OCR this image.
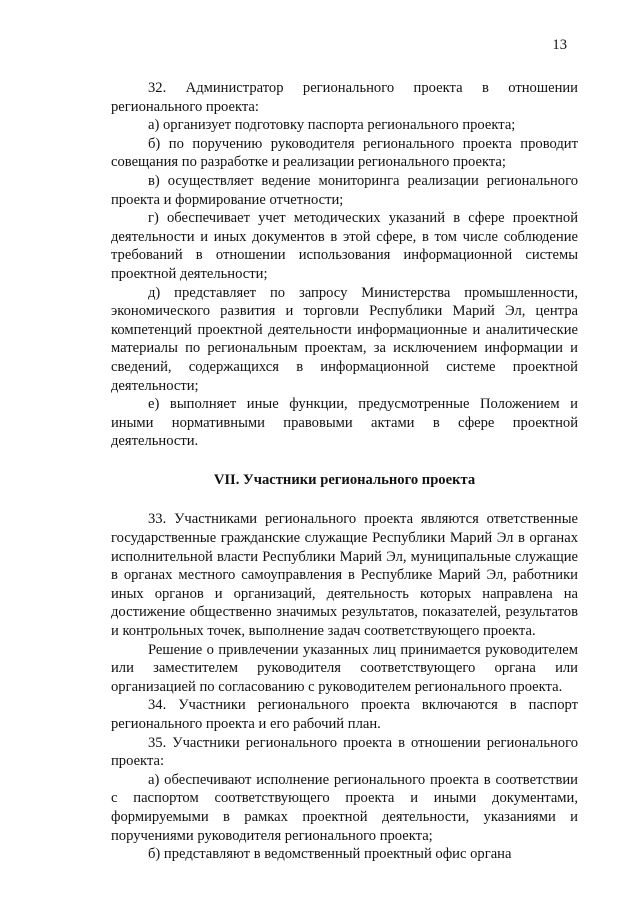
13

32. Администратор регионального проекта в отношении регионального проекта:

а) организует подготовку паспорта регионального проекта;

б) по поручению руководителя регионального проекта проводит совещания по разработке и реализации регионального проекта;

в) осуществляет ведение мониторинга реализации регионального проекта и формирование отчетности;

г) обеспечивает учет методических указаний в сфере проектной деятельности и иных документов в этой сфере, в том числе соблюдение требований в отношении использования информационной системы проектной деятельности;

д) представляет по запросу Министерства промышленности, экономического развития и торговли Республики Марий Эл, центра компетенций проектной деятельности информационные и аналитические материалы по региональным проектам, за исключением информации и сведений, содержащихся в информационной системе проектной деятельности;

е) выполняет иные функции, предусмотренные Положением и иными нормативными правовыми актами в сфере проектной деятельности.

VII. Участники регионального проекта

33. Участниками регионального проекта являются ответственные государственные гражданские служащие Республики Марий Эл в органах исполнительной власти Республики Марий Эл, муниципальные служащие в органах местного самоуправления в Республике Марий Эл, работники иных органов и организаций, деятельность которых направлена на достижение общественно значимых результатов, показателей, результатов и контрольных точек, выполнение задач соответствующего проекта.

Решение о привлечении указанных лиц принимается руководителем или заместителем руководителя соответствующего органа или организацией по согласованию с руководителем регионального проекта.

34. Участники регионального проекта включаются в паспорт регионального проекта и его рабочий план.

35. Участники регионального проекта в отношении регионального проекта:

а) обеспечивают исполнение регионального проекта в соответствии с паспортом соответствующего проекта и иными документами, формируемыми в рамках проектной деятельности, указаниями и поручениями руководителя регионального проекта;

б) представляют в ведомственный проектный офис органа
